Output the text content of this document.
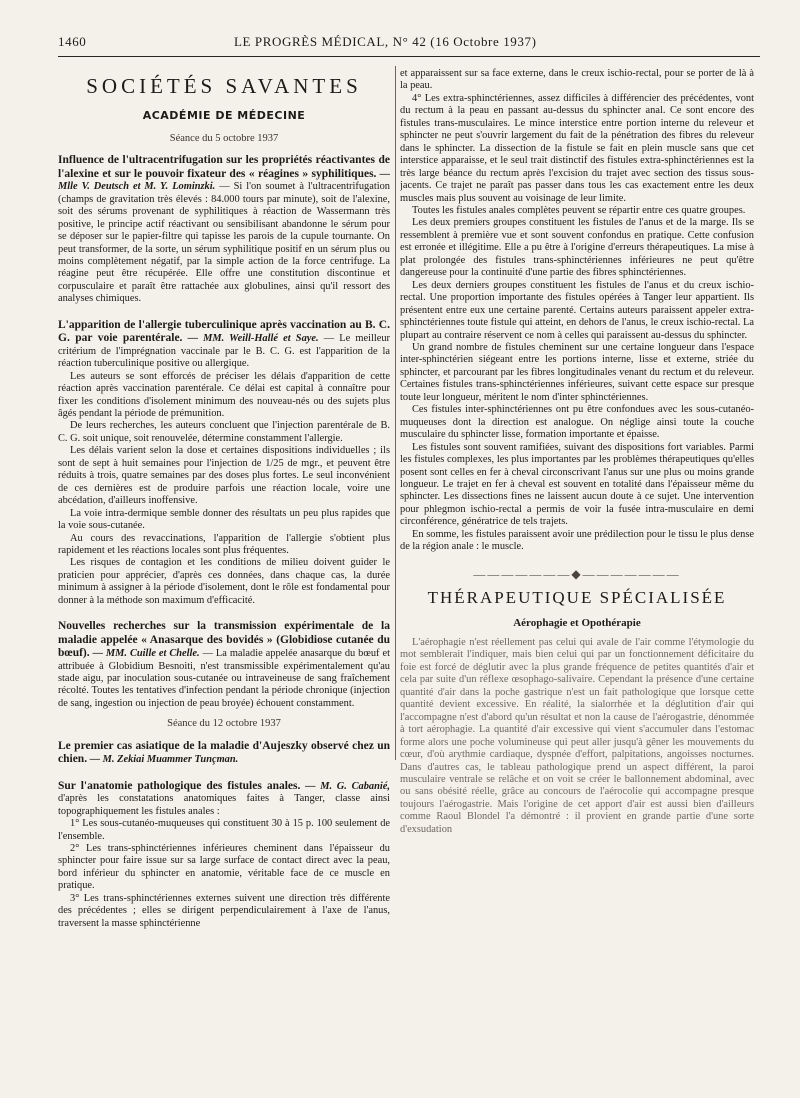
1460	LE PROGRÈS MÉDICAL, N° 42 (16 Octobre 1937)
SOCIÉTÉS SAVANTES
ACADÉMIE DE MÉDECINE
Séance du 5 octobre 1937

Influence de l'ultracentrifugation sur les propriétés réactivantes de l'alexine et sur le pouvoir fixateur des « réagines » syphilitiques. — Mlle V. Deutsch et M. Y. Lominzki. — Si l'on soumet à l'ultracentrifugation (champs de gravitation très élevés : 84.000 tours par minute), soit de l'alexine, soit des sérums provenant de syphilitiques à réaction de Wassermann très positive, le principe actif réactivant ou sensibilisant abandonne le sérum pour se déposer sur le papier-filtre qui tapisse les parois de la cupule tournante. On peut transformer, de la sorte, un sérum syphilitique positif en un sérum plus ou moins complètement négatif, par la simple action de la force centrifuge. La réagine peut être récupérée. Elle offre une constitution discontinue et corpusculaire et paraît être rattachée aux globulines, ainsi qu'il ressort des analyses chimiques.

L'apparition de l'allergie tuberculinique après vaccination au B. C. G. par voie parentérale. — MM. Weill-Hallé et Saye. — Le meilleur critérium de l'imprégnation vaccinale par le B. C. G. est l'apparition de la réaction tuberculinique positive ou allergique.

Les auteurs se sont efforcés de préciser les délais d'apparition de cette réaction après vaccination parentérale. Ce délai est capital à connaître pour fixer les conditions d'isolement minimum des nouveau-nés ou des sujets plus âgés pendant la période de prémunition.

De leurs recherches, les auteurs concluent que l'injection parentérale de B. C. G. soit unique, soit renouvelée, détermine constamment l'allergie.

Les délais varient selon la dose et certaines dispositions individuelles ; ils sont de sept à huit semaines pour l'injection de 1/25 de mgr., et peuvent être réduits à trois, quatre semaines par des doses plus fortes. Le seul inconvénient de ces dernières est de produire parfois une réaction locale, voire une abcédation, d'ailleurs inoffensive.

La voie intra-dermique semble donner des résultats un peu plus rapides que la voie sous-cutanée.

Au cours des revaccinations, l'apparition de l'allergie s'obtient plus rapidement et les réactions locales sont plus fréquentes.

Les risques de contagion et les conditions de milieu doivent guider le praticien pour apprécier, d'après ces données, dans chaque cas, la durée minimum à assigner à la période d'isolement, dont le rôle est fondamental pour donner à la méthode son maximum d'efficacité.

Nouvelles recherches sur la transmission expérimentale de la maladie appelée « Anasarque des bovidés » (Globidiose cutanée du bœuf). — MM. Cuille et Chelle. — La maladie appelée anasarque du bœuf et attribuée à Globidium Besnoiti, n'est transmissible expérimentalement qu'au stade aigu, par inoculation sous-cutanée ou intraveineuse de sang fraîchement récolté. Toutes les tentatives d'infection pendant la période chronique (injection de sang, ingestion ou injection de peau broyée) échouent constamment.

Séance du 12 octobre 1937

Le premier cas asiatique de la maladie d'Aujeszky observé chez un chien. — M. Zekiai Muammer Tunçman.

Sur l'anatomie pathologique des fistules anales. — M. G. Cabanié, d'après les constatations anatomiques faites à Tanger, classe ainsi topographiquement les fistules anales :

1° Les sous-cutanéo-muqueuses qui constituent 30 à 15 p. 100 seulement de l'ensemble.

2° Les trans-sphinctériennes inférieures cheminent dans l'épaisseur du sphincter pour faire issue sur sa large surface de contact direct avec la peau, bord inférieur du sphincter en anatomie, véritable face de ce muscle en pratique.

3° Les trans-sphinctériennes externes suivent une direction très différente des précédentes ; elles se dirigent perpendiculairement à l'axe de l'anus, traversent la masse sphinctérienne

et apparaissent sur sa face externe, dans le creux ischio-rectal, pour se porter de là à la peau.

4° Les extra-sphinctériennes, assez difficiles à différencier des précédentes, vont du rectum à la peau en passant au-dessus du sphincter anal. Ce sont encore des fistules trans-musculaires. Le mince interstice entre portion interne du releveur et sphincter ne peut s'ouvrir largement du fait de la pénétration des fibres du releveur dans le sphincter. La dissection de la fistule se fait en plein muscle sans que cet interstice apparaisse, et le seul trait distinctif des fistules extra-sphinctériennes est la très large béance du rectum après l'excision du trajet avec section des tissus sous-jacents. Ce trajet ne paraît pas passer dans tous les cas exactement entre les deux muscles mais plus souvent au voisinage de leur limite.

Toutes les fistules anales complètes peuvent se répartir entre ces quatre groupes.

Les deux premiers groupes constituent les fistules de l'anus et de la marge. Ils se ressemblent à première vue et sont souvent confondus en pratique. Cette confusion est erronée et illégitime. Elle a pu être à l'origine d'erreurs thérapeutiques. La mise à plat prolongée des fistules trans-sphinctériennes inférieures ne peut qu'être dangereuse pour la continuité d'une partie des fibres sphinctériennes.

Les deux derniers groupes constituent les fistules de l'anus et du creux ischio-rectal. Une proportion importante des fistules opérées à Tanger leur appartient. Ils présentent entre eux une certaine parenté. Certains auteurs paraissent appeler extra-sphinctériennes toute fistule qui atteint, en dehors de l'anus, le creux ischio-rectal. La plupart au contraire réservent ce nom à celles qui paraissent au-dessus du sphincter.

Un grand nombre de fistules cheminent sur une certaine longueur dans l'espace inter-sphinctérien siégeant entre les portions interne, lisse et externe, striée du sphincter, et parcourant par les fibres longitudinales venant du rectum et du releveur. Certaines fistules trans-sphinctériennes inférieures, suivant cette espace sur presque toute leur longueur, méritent le nom d'inter sphinctériennes.

Ces fistules inter-sphinctériennes ont pu être confondues avec les sous-cutanéo-muqueuses dont la direction est analogue. On néglige ainsi toute la couche musculaire du sphincter lisse, formation importante et épaisse.

Les fistules sont souvent ramifiées, suivant des dispositions fort variables. Parmi les fistules complexes, les plus importantes par les problèmes thérapeutiques qu'elles posent sont celles en fer à cheval circonscrivant l'anus sur une plus ou moins grande longueur. Le trajet en fer à cheval est souvent en totalité dans l'épaisseur même du sphincter. Les dissections fines ne laissent aucun doute à ce sujet. Une intervention pour phlegmon ischio-rectal a permis de voir la fusée intra-musculaire en demi circonférence, génératrice de tels trajets.

En somme, les fistules paraissent avoir une prédilection pour le tissu le plus dense de la région anale : le muscle.

———————◆———————
THÉRAPEUTIQUE SPÉCIALISÉE
Aérophagie et Opothérapie

L'aérophagie n'est réellement pas celui qui avale de l'air comme l'étymologie du mot semblerait l'indiquer, mais bien celui qui par un fonctionnement déficitaire du foie est forcé de déglutir avec la plus grande fréquence de petites quantités d'air et cela par suite d'un réflexe œsophago-salivaire. Cependant la présence d'une certaine quantité d'air dans la poche gastrique n'est un fait pathologique que lorsque cette quantité devient excessive. En réalité, la sialorrhée et la déglutition d'air qui l'accompagne n'est d'abord qu'un résultat et non la cause de l'aérogastrie, dénommée à tort aérophagie. La quantité d'air excessive qui vient s'accumuler dans l'estomac forme alors une poche volumineuse qui peut aller jusqu'à gêner les mouvements du cœur, d'où arythmie cardiaque, dyspnée d'effort, palpitations, angoisses nocturnes. Dans d'autres cas, le tableau pathologique prend un aspect différent, la paroi musculaire ventrale se relâche et on voit se créer le ballonnement abdominal, avec ou sans obésité réelle, grâce au concours de l'aérocolie qui accompagne presque toujours l'aérogastrie. Mais l'origine de cet apport d'air est aussi bien d'ailleurs comme Raoul Blondel l'a démontré : il provient en grande partie d'une sorte d'exsudation
